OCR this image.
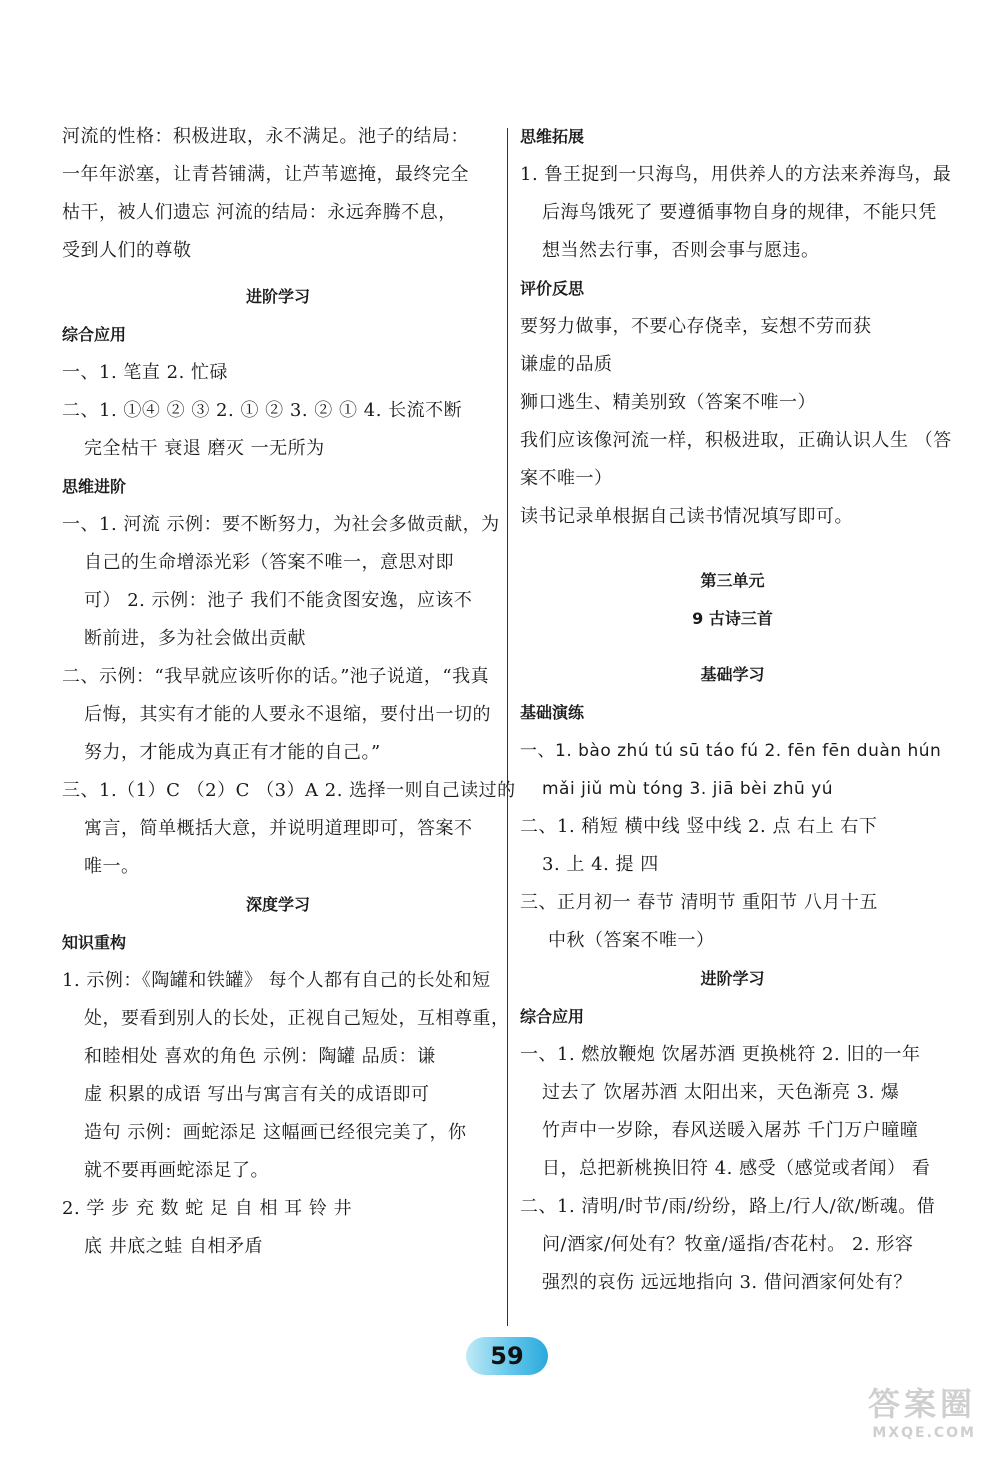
河流的性格：积极进取，永不满足。池子的结局：
一年年淤塞，让青苔铺满，让芦苇遮掩，最终完全
枯干，被人们遗忘 河流的结局：永远奔腾不息，
受到人们的尊敬
进阶学习
综合应用
一、1. 笔直 2. 忙碌
二、1. ①④ ② ③ 2. ① ② 3. ② ① 4. 长流不断
完全枯干 衰退 磨灭 一无所为
思维进阶
一、1. 河流 示例：要不断努力，为社会多做贡献，为
自己的生命增添光彩（答案不唯一，意思对即
可） 2. 示例：池子 我们不能贪图安逸，应该不
断前进，多为社会做出贡献
二、示例：“我早就应该听你的话。”池子说道，“我真
后悔，其实有才能的人要永不退缩，要付出一切的
努力，才能成为真正有才能的自己。”
三、1.（1）C （2）C （3）A 2. 选择一则自己读过的
寓言，简单概括大意，并说明道理即可，答案不
唯一。
深度学习
知识重构
1. 示例：《陶罐和铁罐》 每个人都有自己的长处和短
处，要看到别人的长处，正视自己短处，互相尊重，
和睦相处 喜欢的角色 示例：陶罐 品质：谦
虚 积累的成语 写出与寓言有关的成语即可
造句 示例：画蛇添足 这幅画已经很完美了，你
就不要再画蛇添足了。
2. 学 步 充 数 蛇 足 自 相 耳 铃 井
底 井底之蛙 自相矛盾
思维拓展
1. 鲁王捉到一只海鸟，用供养人的方法来养海鸟，最
后海鸟饿死了 要遵循事物自身的规律，不能只凭
想当然去行事，否则会事与愿违。
评价反思
要努力做事，不要心存侥幸，妄想不劳而获
谦虚的品质
狮口逃生、精美别致（答案不唯一）
我们应该像河流一样，积极进取，正确认识人生 （答
案不唯一）
读书记录单根据自己读书情况填写即可。
第三单元
9 古诗三首
基础学习
基础演练
一、1. bào zhú tú sū táo fú 2. fēn fēn duàn hún
mǎi jiǔ mù tóng 3. jiā bèi zhū yú
二、1. 稍短 横中线 竖中线 2. 点 右上 右下
3. 上 4. 提 四
三、正月初一 春节 清明节 重阳节 八月十五
中秋（答案不唯一）
进阶学习
综合应用
一、1. 燃放鞭炮 饮屠苏酒 更换桃符 2. 旧的一年
过去了 饮屠苏酒 太阳出来，天色渐亮 3. 爆
竹声中一岁除，春风送暖入屠苏 千门万户曈曈
日，总把新桃换旧符 4. 感受（感觉或者闻） 看
二、1. 清明/时节/雨/纷纷，路上/行人/欲/断魂。借
问/酒家/何处有？牧童/遥指/杏花村。 2. 形容
强烈的哀伤 远远地指向 3. 借问酒家何处有？
59
答案圈
MXQE.COM
